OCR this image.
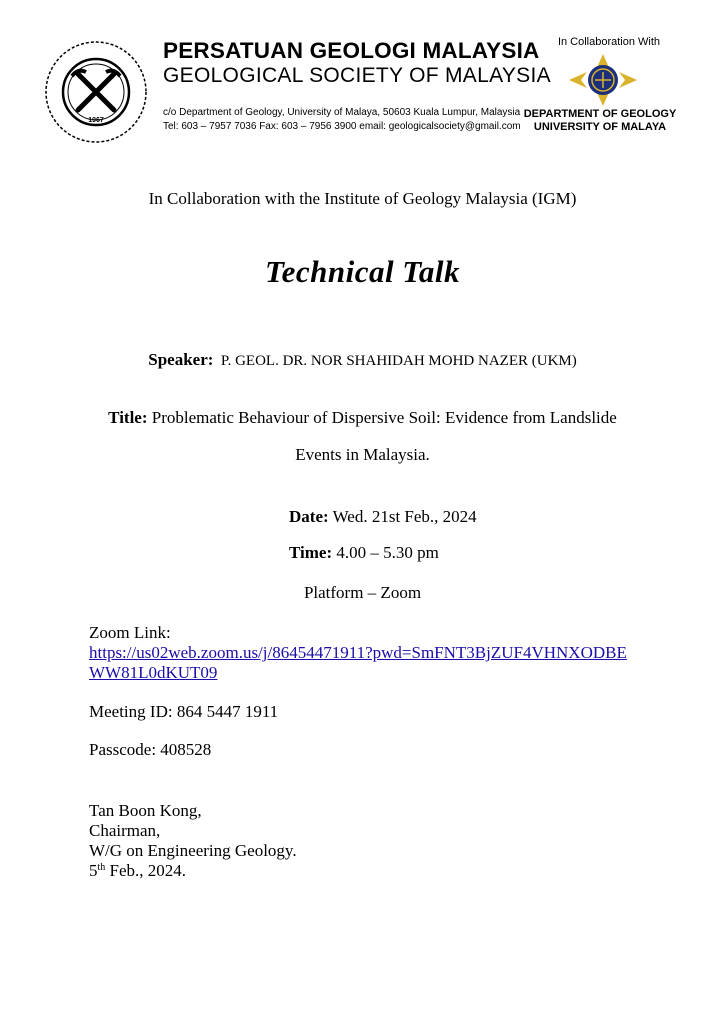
1967
PERSATUAN GEOLOGI MALAYSIA
GEOLOGICAL SOCIETY OF MALAYSIA
c/o Department of Geology, University of Malaya, 50603 Kuala Lumpur, Malaysia
Tel: 603 – 7957 7036 Fax: 603 – 7956 3900 email: geologicalsociety@gmail.com
In Collaboration With
DEPARTMENT OF GEOLOGY
UNIVERSITY OF MALAYA
In Collaboration with the Institute of Geology Malaysia (IGM)
Technical Talk
Speaker: P. GEOL. DR. NOR SHAHIDAH MOHD NAZER (UKM)
Title: Problematic Behaviour of Dispersive Soil: Evidence from Landslide
Events in Malaysia.
Date: Wed. 21st Feb., 2024
Time: 4.00 – 5.30 pm
Platform – Zoom
Zoom Link:
https://us02web.zoom.us/j/86454471911?pwd=SmFNT3BjZUF4VHNXODBE
WW81L0dKUT09
Meeting ID: 864 5447 1911
Passcode: 408528
Tan Boon Kong,
Chairman,
W/G on Engineering Geology.
5th Feb., 2024.
